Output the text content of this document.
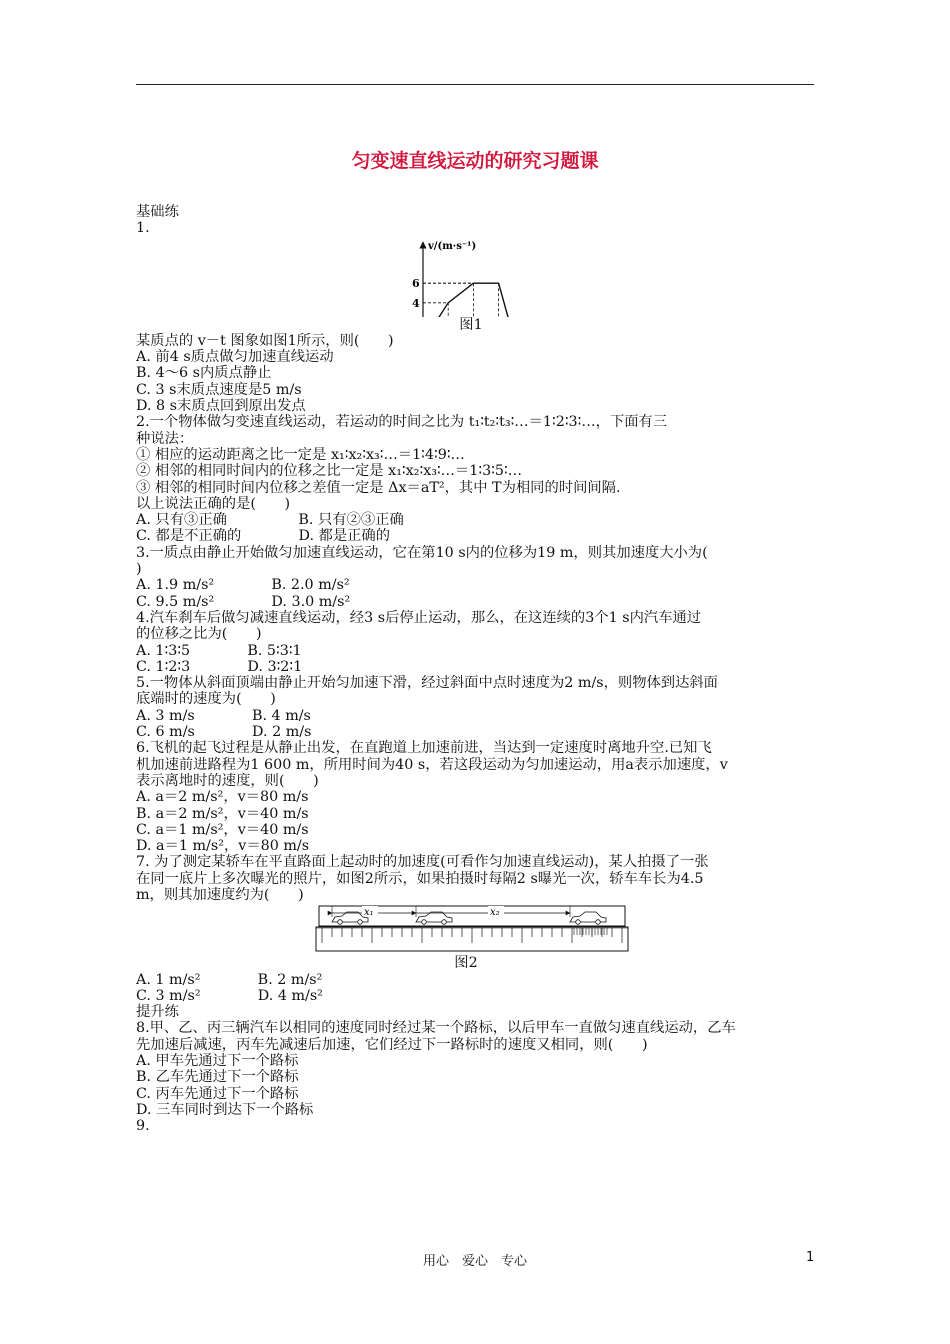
匀变速直线运动的研究习题课
基础练
1.
4
6
v/(m·s⁻¹)
图1
某质点的 v－t 图象如图1所示，则(　　)
A. 前4 s质点做匀加速直线运动
B. 4～6 s内质点静止
C. 3 s末质点速度是5 m/s
D. 8 s末质点回到原出发点
2.一个物体做匀变速直线运动，若运动的时间之比为 t₁∶t₂∶t₃∶…＝1∶2∶3∶…，下面有三
种说法：
① 相应的运动距离之比一定是 x₁∶x₂∶x₃∶…＝1∶4∶9∶…
② 相邻的相同时间内的位移之比一定是 x₁∶x₂∶x₃∶…＝1∶3∶5∶…
③ 相邻的相同时间内位移之差值一定是 Δx＝aT²，其中 T为相同的时间间隔.
以上说法正确的是(　　)
A. 只有③正确　　　　　B. 只有②③正确
C. 都是不正确的　　　　D. 都是正确的
3.一质点由静止开始做匀加速直线运动，它在第10 s内的位移为19 m，则其加速度大小为(
)
A. 1.9 m/s²　　　　B. 2.0 m/s²
C. 9.5 m/s²　　　　D. 3.0 m/s²
4.汽车刹车后做匀减速直线运动，经3 s后停止运动，那么，在这连续的3个1 s内汽车通过
的位移之比为(　　)
A. 1∶3∶5　　　　B. 5∶3∶1
C. 1∶2∶3　　　　D. 3∶2∶1
5.一物体从斜面顶端由静止开始匀加速下滑，经过斜面中点时速度为2 m/s，则物体到达斜面
底端时的速度为(　　)
A. 3 m/s　　　　B. 4 m/s
C. 6 m/s　　　　D. 2 m/s
6.飞机的起飞过程是从静止出发，在直跑道上加速前进，当达到一定速度时离地升空.已知飞
机加速前进路程为1 600 m，所用时间为40 s，若这段运动为匀加速运动，用a表示加速度，v
表示离地时的速度，则(　　)
A. a＝2 m/s²，v＝80 m/s
B. a＝2 m/s²，v＝40 m/s
C. a＝1 m/s²，v＝40 m/s
D. a＝1 m/s²，v＝80 m/s
7. 为了测定某轿车在平直路面上起动时的加速度(可看作匀加速直线运动)，某人拍摄了一张
在同一底片上多次曝光的照片，如图2所示，如果拍摄时每隔2 s曝光一次，轿车车长为4.5
m，则其加速度约为(　　)
x₁	x₂
图2
A. 1 m/s²　　　　B. 2 m/s²
C. 3 m/s²　　　　D. 4 m/s²
提升练
8.甲、乙、丙三辆汽车以相同的速度同时经过某一个路标，以后甲车一直做匀速直线运动，乙车
先加速后减速，丙车先减速后加速，它们经过下一路标时的速度又相同，则(　　)
A. 甲车先通过下一个路标
B. 乙车先通过下一个路标
C. 丙车先通过下一个路标
D. 三车同时到达下一个路标
9.
用心　爱心　专心	1
